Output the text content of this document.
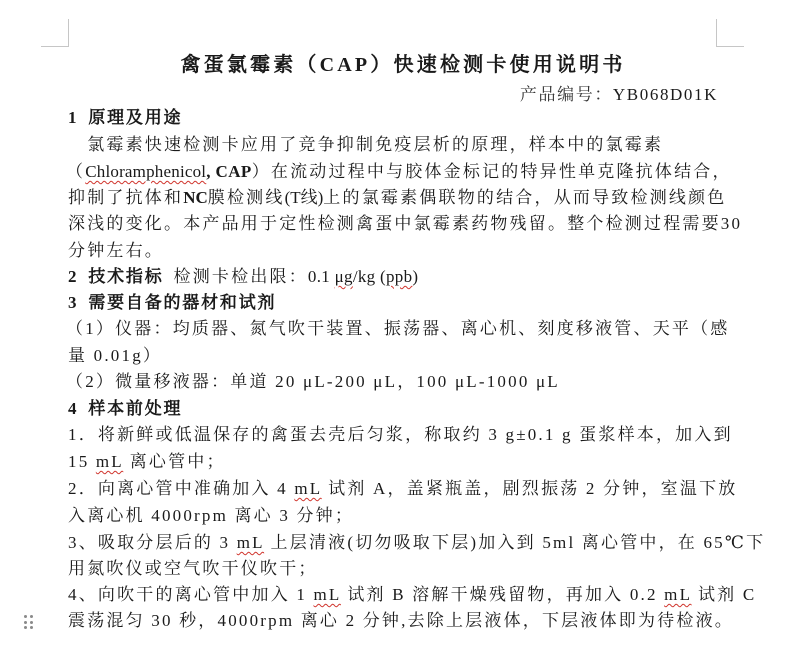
禽蛋氯霉素（CAP）快速检测卡使用说明书
产品编号：YB068D01K
1 原理及用途
　氯霉素快速检测卡应用了竞争抑制免疫层析的原理，样本中的氯霉素
（Chloramphenicol, CAP）在流动过程中与胶体金标记的特异性单克隆抗体结合，
抑制了抗体和NC膜检测线(T线)上的氯霉素偶联物的结合，从而导致检测线颜色
深浅的变化。本产品用于定性检测禽蛋中氯霉素药物残留。整个检测过程需要30
分钟左右。
2 技术指标 检测卡检出限：0.1 μg/kg (ppb)
3 需要自备的器材和试剂
（1）仪器：均质器、氮气吹干装置、振荡器、离心机、刻度移液管、天平（感
量 0.01g）
（2）微量移液器：单道 20 μL-200 μL，100 μL-1000 μL
4 样本前处理
1．将新鲜或低温保存的禽蛋去壳后匀浆，称取约 3 g±0.1 g 蛋浆样本，加入到
15 mL 离心管中；
2．向离心管中准确加入 4 mL 试剂 A，盖紧瓶盖，剧烈振荡 2 分钟，室温下放
入离心机 4000rpm 离心 3 分钟；
3、吸取分层后的 3 mL 上层清液(切勿吸取下层)加入到 5ml 离心管中，在 65℃下
用氮吹仪或空气吹干仪吹干；
4、向吹干的离心管中加入 1 mL 试剂 B 溶解干燥残留物，再加入 0.2 mL 试剂 C
震荡混匀 30 秒，4000rpm 离心 2 分钟,去除上层液体，下层液体即为待检液。
